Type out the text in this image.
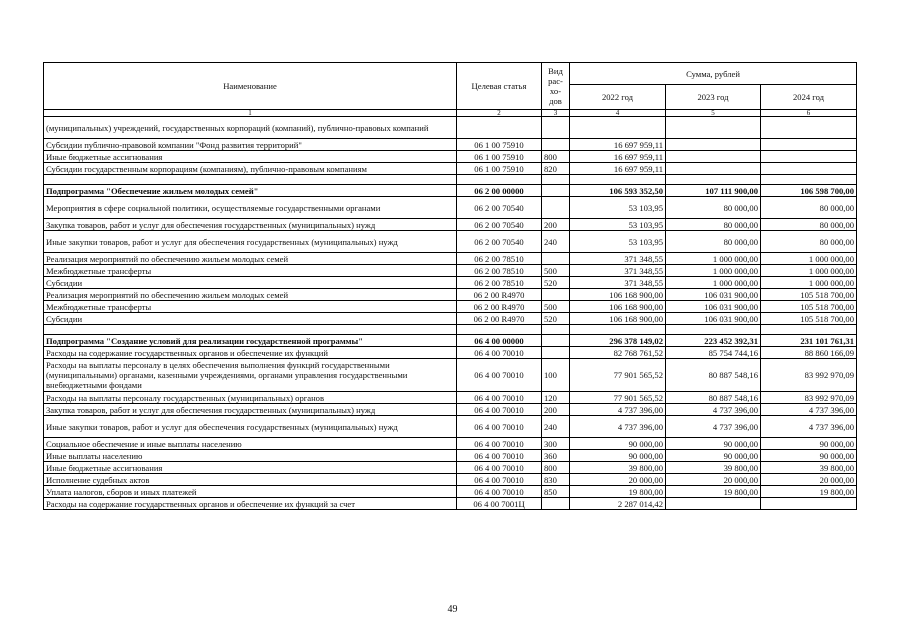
Наименование	Целевая статья	Вид рас- хо- дов	Сумма, рублей		
			2022 год	2023 год	2024 год
1	2	3	4	5	6
(муниципальных) учреждений, государственных корпораций (компаний), публично-правовых компаний					
Субсидии публично-правовой компании "Фонд развития территорий"	06 1 00 75910		16 697 959,11		
Иные бюджетные ассигнования	06 1 00 75910	800	16 697 959,11		
Субсидии государственным корпорациям (компаниям), публично-правовым компаниям	06 1 00 75910	820	16 697 959,11		

Подпрограмма "Обеспечение жильем молодых семей"	06 2 00 00000		106 593 352,50	107 111 900,00	106 598 700,00
Мероприятия в сфере социальной политики, осуществляемые государственными органами	06 2 00 70540		53 103,95	80 000,00	80 000,00
Закупка товаров, работ и услуг для обеспечения государственных (муниципальных) нужд	06 2 00 70540	200	53 103,95	80 000,00	80 000,00
Иные закупки товаров, работ и услуг для обеспечения государственных (муниципальных) нужд	06 2 00 70540	240	53 103,95	80 000,00	80 000,00
Реализация мероприятий по обеспечению жильем молодых семей	06 2 00 78510		371 348,55	1 000 000,00	1 000 000,00
Межбюджетные трансферты	06 2 00 78510	500	371 348,55	1 000 000,00	1 000 000,00
Субсидии	06 2 00 78510	520	371 348,55	1 000 000,00	1 000 000,00
Реализация мероприятий по обеспечению жильем молодых семей	06 2 00 R4970		106 168 900,00	106 031 900,00	105 518 700,00
Межбюджетные трансферты	06 2 00 R4970	500	106 168 900,00	106 031 900,00	105 518 700,00
Субсидии	06 2 00 R4970	520	106 168 900,00	106 031 900,00	105 518 700,00

Подпрограмма "Создание условий для реализации государственной программы"	06 4 00 00000		296 378 149,02	223 452 392,31	231 101 761,31
Расходы на содержание государственных органов и обеспечение их функций	06 4 00 70010		82 768 761,52	85 754 744,16	88 860 166,09
Расходы на выплаты персоналу в целях обеспечения выполнения функций государственными (муниципальными) органами, казенными учреждениями, органами управления государственными внебюджетными фондами	06 4 00 70010	100	77 901 565,52	80 887 548,16	83 992 970,09
Расходы на выплаты персоналу государственных (муниципальных) органов	06 4 00 70010	120	77 901 565,52	80 887 548,16	83 992 970,09
Закупка товаров, работ и услуг для обеспечения государственных (муниципальных) нужд	06 4 00 70010	200	4 737 396,00	4 737 396,00	4 737 396,00
Иные закупки товаров, работ и услуг для обеспечения государственных (муниципальных) нужд	06 4 00 70010	240	4 737 396,00	4 737 396,00	4 737 396,00
Социальное обеспечение и иные выплаты населению	06 4 00 70010	300	90 000,00	90 000,00	90 000,00
Иные выплаты населению	06 4 00 70010	360	90 000,00	90 000,00	90 000,00
Иные бюджетные ассигнования	06 4 00 70010	800	39 800,00	39 800,00	39 800,00
Исполнение судебных актов	06 4 00 70010	830	20 000,00	20 000,00	20 000,00
Уплата налогов, сборов и иных платежей	06 4 00 70010	850	19 800,00	19 800,00	19 800,00
Расходы на содержание государственных органов и обеспечение их функций за счет	06 4 00 7001Ц		2 287 014,42		
49
